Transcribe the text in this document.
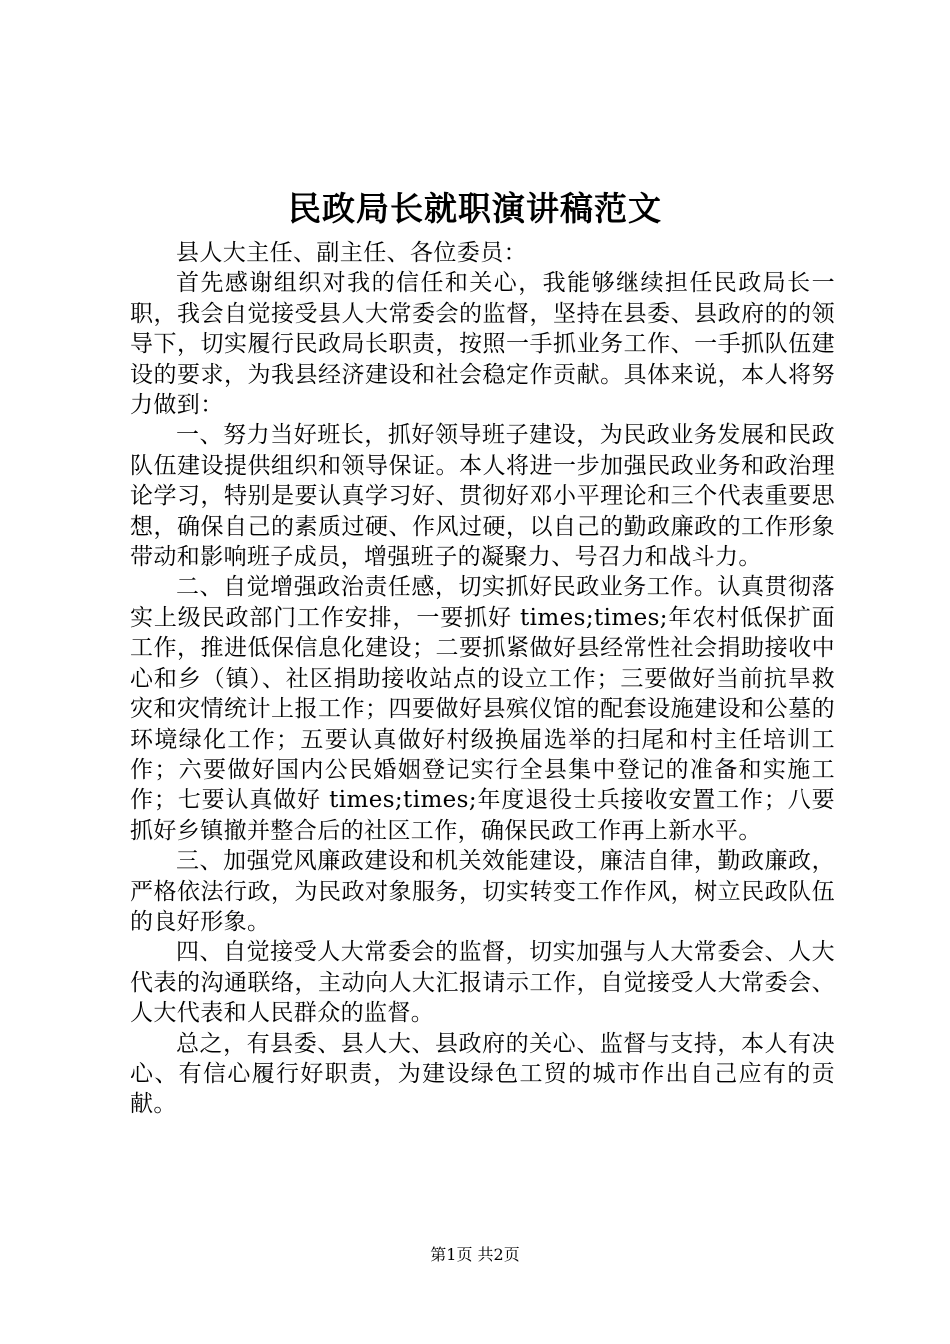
民政局长就职演讲稿范文

县人大主任、副主任、各位委员：

首先感谢组织对我的信任和关心，我能够继续担任民政局长一职，我会自觉接受县人大常委会的监督，坚持在县委、县政府的的领导下，切实履行民政局长职责，按照一手抓业务工作、一手抓队伍建设的要求，为我县经济建设和社会稳定作贡献。具体来说，本人将努力做到：

一、努力当好班长，抓好领导班子建设，为民政业务发展和民政队伍建设提供组织和领导保证。本人将进一步加强民政业务和政治理论学习，特别是要认真学习好、贯彻好邓小平理论和三个代表重要思想，确保自己的素质过硬、作风过硬，以自己的勤政廉政的工作形象带动和影响班子成员，增强班子的凝聚力、号召力和战斗力。

二、自觉增强政治责任感，切实抓好民政业务工作。认真贯彻落实上级民政部门工作安排，一要抓好 times;times;年农村低保扩面工作，推进低保信息化建设；二要抓紧做好县经常性社会捐助接收中心和乡（镇）、社区捐助接收站点的设立工作；三要做好当前抗旱救灾和灾情统计上报工作；四要做好县殡仪馆的配套设施建设和公墓的环境绿化工作；五要认真做好村级换届选举的扫尾和村主任培训工作；六要做好国内公民婚姻登记实行全县集中登记的准备和实施工作；七要认真做好 times;times;年度退役士兵接收安置工作；八要抓好乡镇撤并整合后的社区工作，确保民政工作再上新水平。

三、加强党风廉政建设和机关效能建设，廉洁自律，勤政廉政，严格依法行政，为民政对象服务，切实转变工作作风，树立民政队伍的良好形象。

四、自觉接受人大常委会的监督，切实加强与人大常委会、人大代表的沟通联络，主动向人大汇报请示工作，自觉接受人大常委会、人大代表和人民群众的监督。

总之，有县委、县人大、县政府的关心、监督与支持，本人有决心、有信心履行好职责，为建设绿色工贸的城市作出自己应有的贡献。

第1页 共2页
